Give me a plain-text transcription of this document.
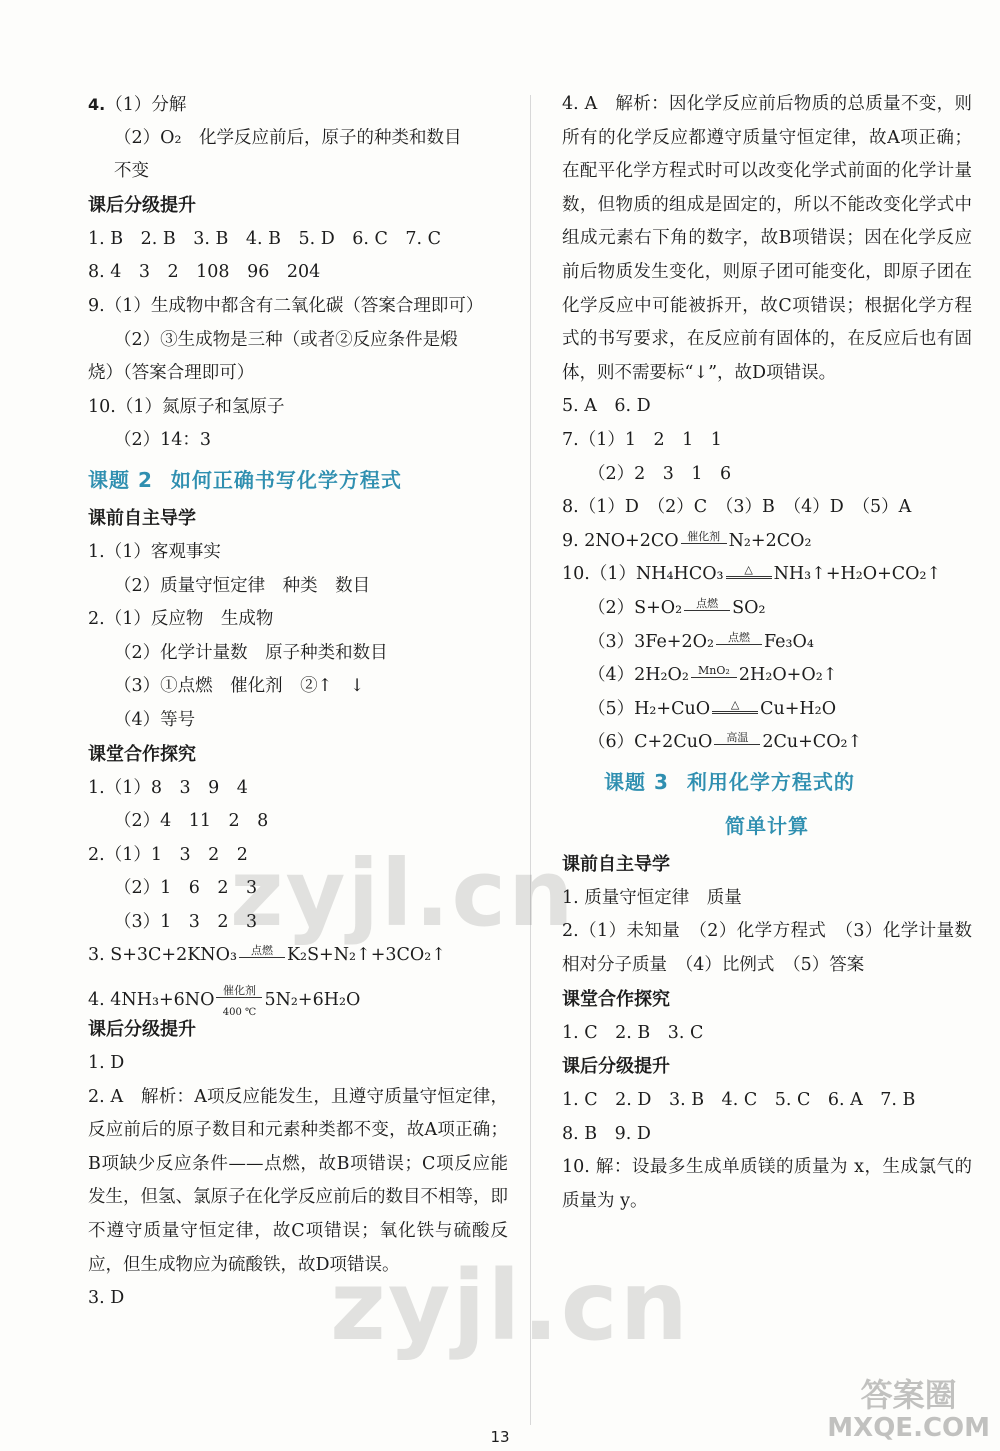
4.（1）分解
（2）O₂　化学反应前后，原子的种类和数目
不变
课后分级提升
1. B　2. B　3. B　4. B　5. D　6. C　7. C
8. 4　3　2　108　96　204
9.（1）生成物中都含有二氧化碳（答案合理即可）
（2）③生成物是三种（或者②反应条件是煅
烧）（答案合理即可）
10.（1）氮原子和氢原子
（2）14：3
课题 2 如何正确书写化学方程式
课前自主导学
1.（1）客观事实
（2）质量守恒定律　种类　数目
2.（1）反应物　生成物
（2）化学计量数　原子种类和数目
（3）①点燃　催化剂　②↑　↓
（4）等号
课堂合作探究
1.（1）8　3　9　4
（2）4　11　2　8
2.（1）1　3　2　2
（2）1　6　2　3
（3）1　3　2　3
3. S+3C+2KNO₃ 点燃 K₂S+N₂↑+3CO₂↑
4. 4NH₃+6NO 催化剂
400 ℃
5N₂+6H₂O
课后分级提升
1. D
2. A　解析：A项反应能发生，且遵守质量守恒定律，反应前后的原子数目和元素种类都不变，故A项正确；B项缺少反应条件——点燃，故B项错误；C项反应能发生，但氢、氯原子在化学反应前后的数目不相等，即不遵守质量守恒定律，故C项错误；氧化铁与硫酸反应，但生成物应为硫酸铁，故D项错误。
3. D
4. A　解析：因化学反应前后物质的总质量不变，则所有的化学反应都遵守质量守恒定律，故A项正确；在配平化学方程式时可以改变化学式前面的化学计量数，但物质的组成是固定的，所以不能改变化学式中组成元素右下角的数字，故B项错误；因在化学反应前后物质发生变化，则原子团可能变化，即原子团在化学反应中可能被拆开，故C项错误；根据化学方程式的书写要求，在反应前有固体的，在反应后也有固体，则不需要标“↓”，故D项错误。
5. A　6. D
7.（1）1　2　1　1
（2）2　3　1　6
8.（1）D　（2）C　（3）B　（4）D　（5）A
9. 2NO+2CO 催化剂 N₂+2CO₂
10.（1）NH₄HCO₃ △ NH₃↑+H₂O+CO₂↑
（2）S+O₂ 点燃 SO₂
（3）3Fe+2O₂ 点燃 Fe₃O₄
（4）2H₂O₂ MnO₂ 2H₂O+O₂↑
（5）H₂+CuO △ Cu+H₂O
（6）C+2CuO 高温 2Cu+CO₂↑
课题 3 利用化学方程式的
简单计算
课前自主导学
1. 质量守恒定律　质量
2.（1）未知量　（2）化学方程式　（3）化学计量数　相对分子质量　（4）比例式　（5）答案
课堂合作探究
1. C　2. B　3. C
课后分级提升
1. C　2. D　3. B　4. C　5. C　6. A　7. B
8. B　9. D
10. 解：设最多生成单质镁的质量为 x，生成氯气的质量为 y。
zyjl.cn
zyjl.cn
答案圈
MXQE.COM
13
